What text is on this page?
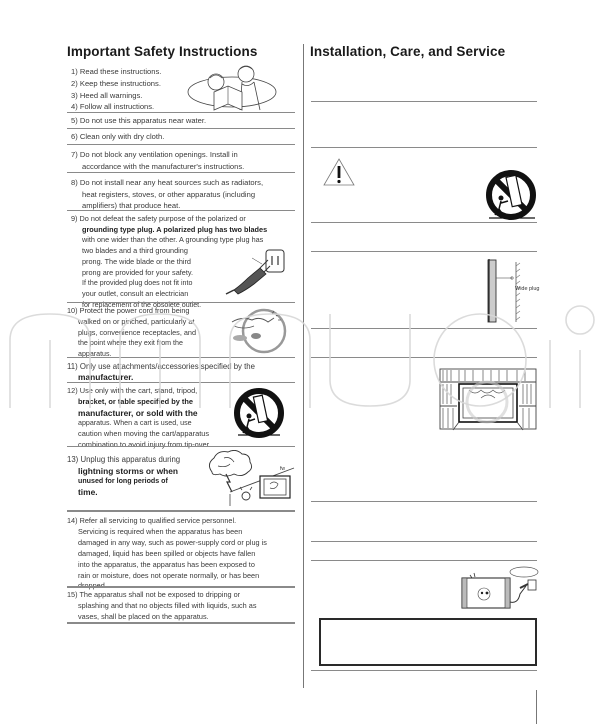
Important Safety Instructions
1) Read these instructions.
2) Keep these instructions.
3) Heed all warnings.
4) Follow all instructions.
5) Do not use this apparatus near water.
6) Clean only with dry cloth.
7) Do not block any ventilation openings. Install in
accordance with the manufacturer's instructions.
8) Do not install near any heat sources such as radiators,
heat registers, stoves, or other apparatus (including
amplifiers) that produce heat.
9) Do not defeat the safety purpose of the polarized or
grounding type plug. A polarized plug has two blades
with one wider than the other. A grounding type plug has
two blades and a third grounding
prong. The wide blade or the third
prong are provided for your safety.
If the provided plug does not fit into
your outlet, consult an electrician
for replacement of the obsolete outlet.
10) Protect the power cord from being
walked on or pinched, particularly at
plugs, convenience receptacles, and
the point where they exit from the
apparatus.
11) Only use attachments/accessories specified by the
manufacturer.
12) Use only with the cart, stand, tripod,
bracket, or table specified by the
manufacturer, or sold with the
apparatus. When a cart is used, use
caution when moving the cart/apparatus
combination to avoid injury from tip-over.
13) Unplug this apparatus during
lightning storms or when
unused for long periods of
time.
fw
14) Refer all servicing to qualified service personnel.
Servicing is required when the apparatus has been
damaged in any way, such as power-supply cord or plug is
damaged, liquid has been spilled or objects have fallen
into the apparatus, the apparatus has been exposed to
rain or moisture, does not operate normally, or has been
dropped.
15) The apparatus shall not be exposed to dripping or
splashing and that no objects filled with liquids, such as
vases, shall be placed on the apparatus.
Installation, Care, and Service
Wide plug
